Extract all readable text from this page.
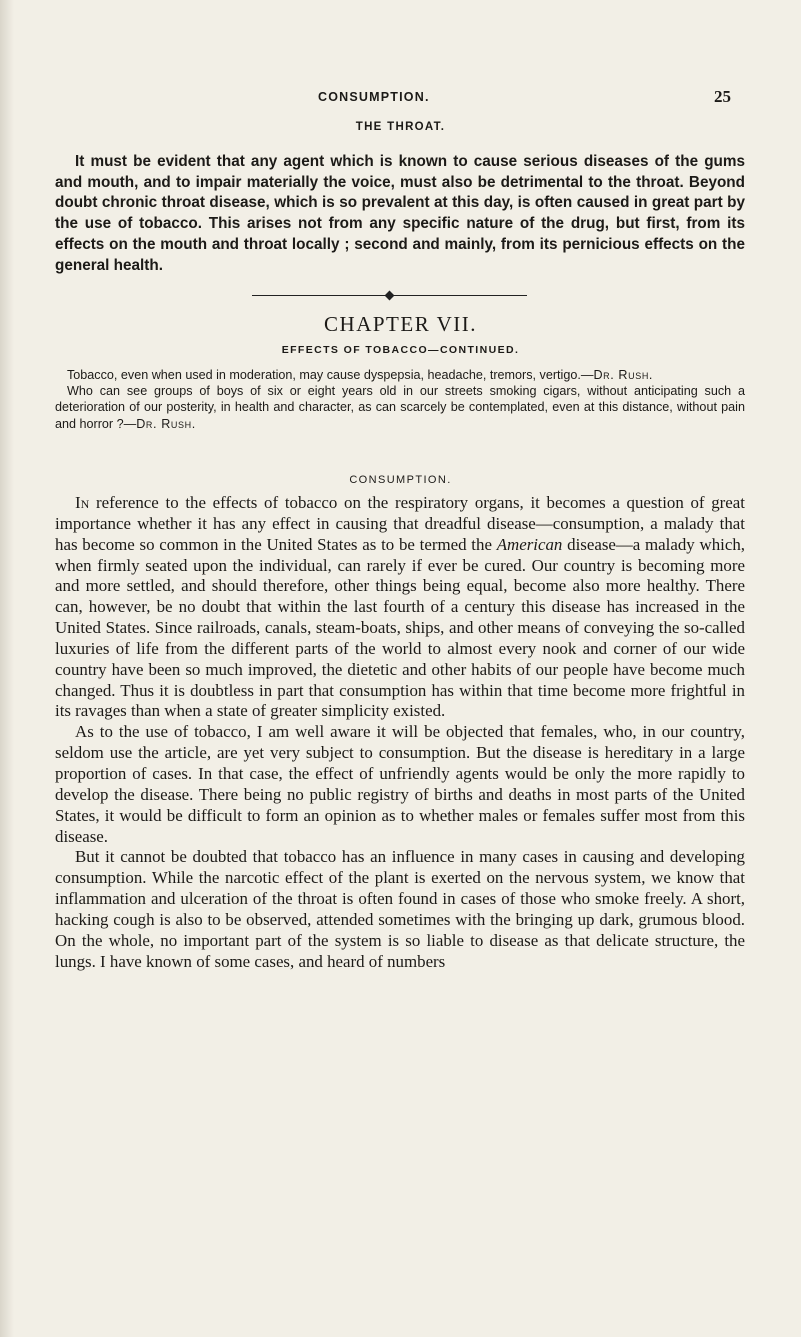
CONSUMPTION.	25
THE THROAT.

It must be evident that any agent which is known to cause serious diseases of the gums and mouth, and to impair materially the voice, must also be detrimental to the throat. Beyond doubt chronic throat disease, which is so prevalent at this day, is often caused in great part by the use of tobacco. This arises not from any specific nature of the drug, but first, from its effects on the mouth and throat locally ; second and mainly, from its pernicious effects on the general health.

CHAPTER VII.
EFFECTS OF TOBACCO—CONTINUED.

Tobacco, even when used in moderation, may cause dyspepsia, headache, tremors, vertigo.—Dr. Rush.

Who can see groups of boys of six or eight years old in our streets smoking cigars, without anticipating such a deterioration of our posterity, in health and character, as can scarcely be contemplated, even at this distance, without pain and horror ?—Dr. Rush.

CONSUMPTION.

In reference to the effects of tobacco on the respiratory organs, it becomes a question of great importance whether it has any effect in causing that dreadful disease—consumption, a malady that has become so common in the United States as to be termed the American disease—a malady which, when firmly seated upon the individual, can rarely if ever be cured. Our country is becoming more and more settled, and should therefore, other things being equal, become also more healthy. There can, however, be no doubt that within the last fourth of a century this disease has increased in the United States. Since railroads, canals, steam-boats, ships, and other means of conveying the so-called luxuries of life from the different parts of the world to almost every nook and corner of our wide country have been so much improved, the dietetic and other habits of our people have become much changed. Thus it is doubtless in part that consumption has within that time become more frightful in its ravages than when a state of greater simplicity existed.

As to the use of tobacco, I am well aware it will be objected that females, who, in our country, seldom use the article, are yet very subject to consumption. But the disease is hereditary in a large proportion of cases. In that case, the effect of unfriendly agents would be only the more rapidly to develop the disease. There being no public registry of births and deaths in most parts of the United States, it would be difficult to form an opinion as to whether males or females suffer most from this disease.

But it cannot be doubted that tobacco has an influence in many cases in causing and developing consumption. While the narcotic effect of the plant is exerted on the nervous system, we know that inflammation and ulceration of the throat is often found in cases of those who smoke freely. A short, hacking cough is also to be observed, attended sometimes with the bringing up dark, grumous blood. On the whole, no important part of the system is so liable to disease as that delicate structure, the lungs. I have known of some cases, and heard of numbers
